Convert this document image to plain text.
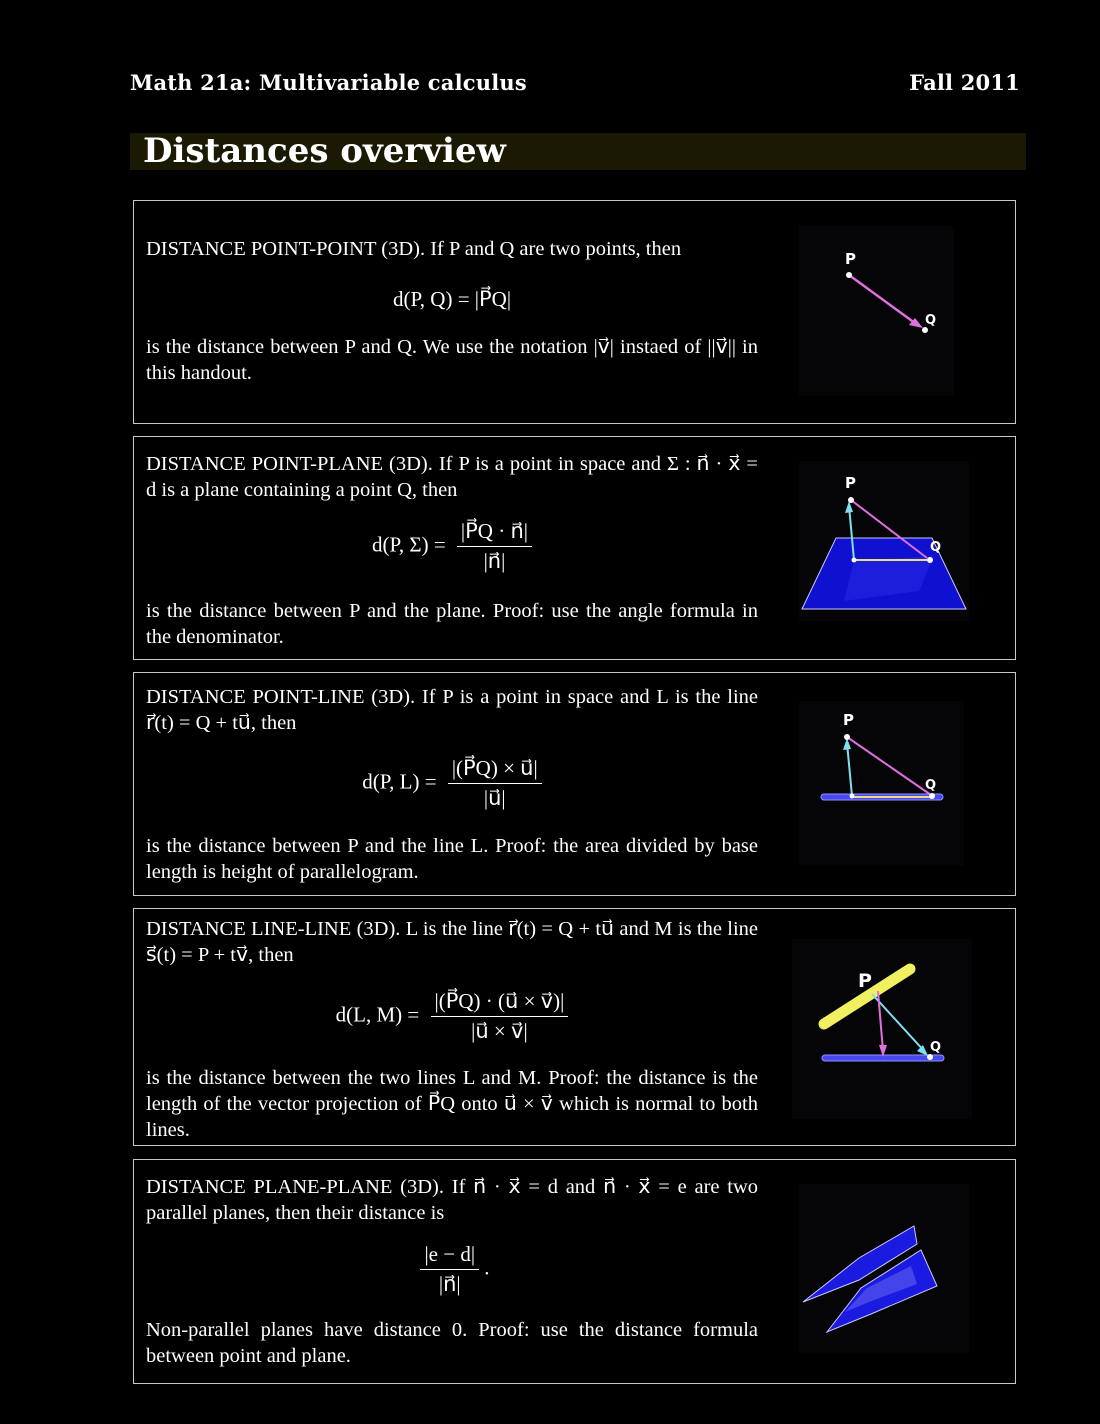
Math 21a: Multivariable calculus	Fall 2011
Distances overview
DISTANCE POINT-POINT (3D). If P and Q are two points, then
d(P, Q) = |P⃗Q|
is the distance between P and Q. We use the notation |v⃗| instaed of ||v⃗|| in this handout.
P
Q
DISTANCE POINT-PLANE (3D). If P is a point in space and Σ : n⃗ · x⃗ = d is a plane containing a point Q, then
d(P, $\Sigma) = \frac{|P⃗Q \cdot n⃗|}{|n⃗|}$
is the distance between P and the plane. Proof: use the angle formula in the denominator.
P
Q
DISTANCE POINT-LINE (3D). If P is a point in space and L is the line r⃗(t) = Q + tu⃗, then
d(P, $L) = \frac{|(P⃗Q) \times u⃗|}{|u⃗|}$
is the distance between P and the line L. Proof: the area divided by base length is height of parallelogram.
P
Q
DISTANCE LINE-LINE (3D). L is the line r⃗(t) = Q + tu⃗ and M is the line s⃗(t) = P + tv⃗, then
d(L, $M) = \frac{|(P⃗Q) \cdot (u⃗ \times v⃗)|}{|u⃗ \times v⃗|}$
is the distance between the two lines L and M. Proof: the distance is the length of the vector projection of P⃗Q onto u⃗ × v⃗ which is normal to both lines.
P
Q
DISTANCE PLANE-PLANE (3D). If n⃗ · x⃗ = d and n⃗ · x⃗ = e are two parallel planes, then their distance is
$\frac{|e - d|}{|n⃗|}$ .
Non-parallel planes have distance 0. Proof: use the distance formula between point and plane.
